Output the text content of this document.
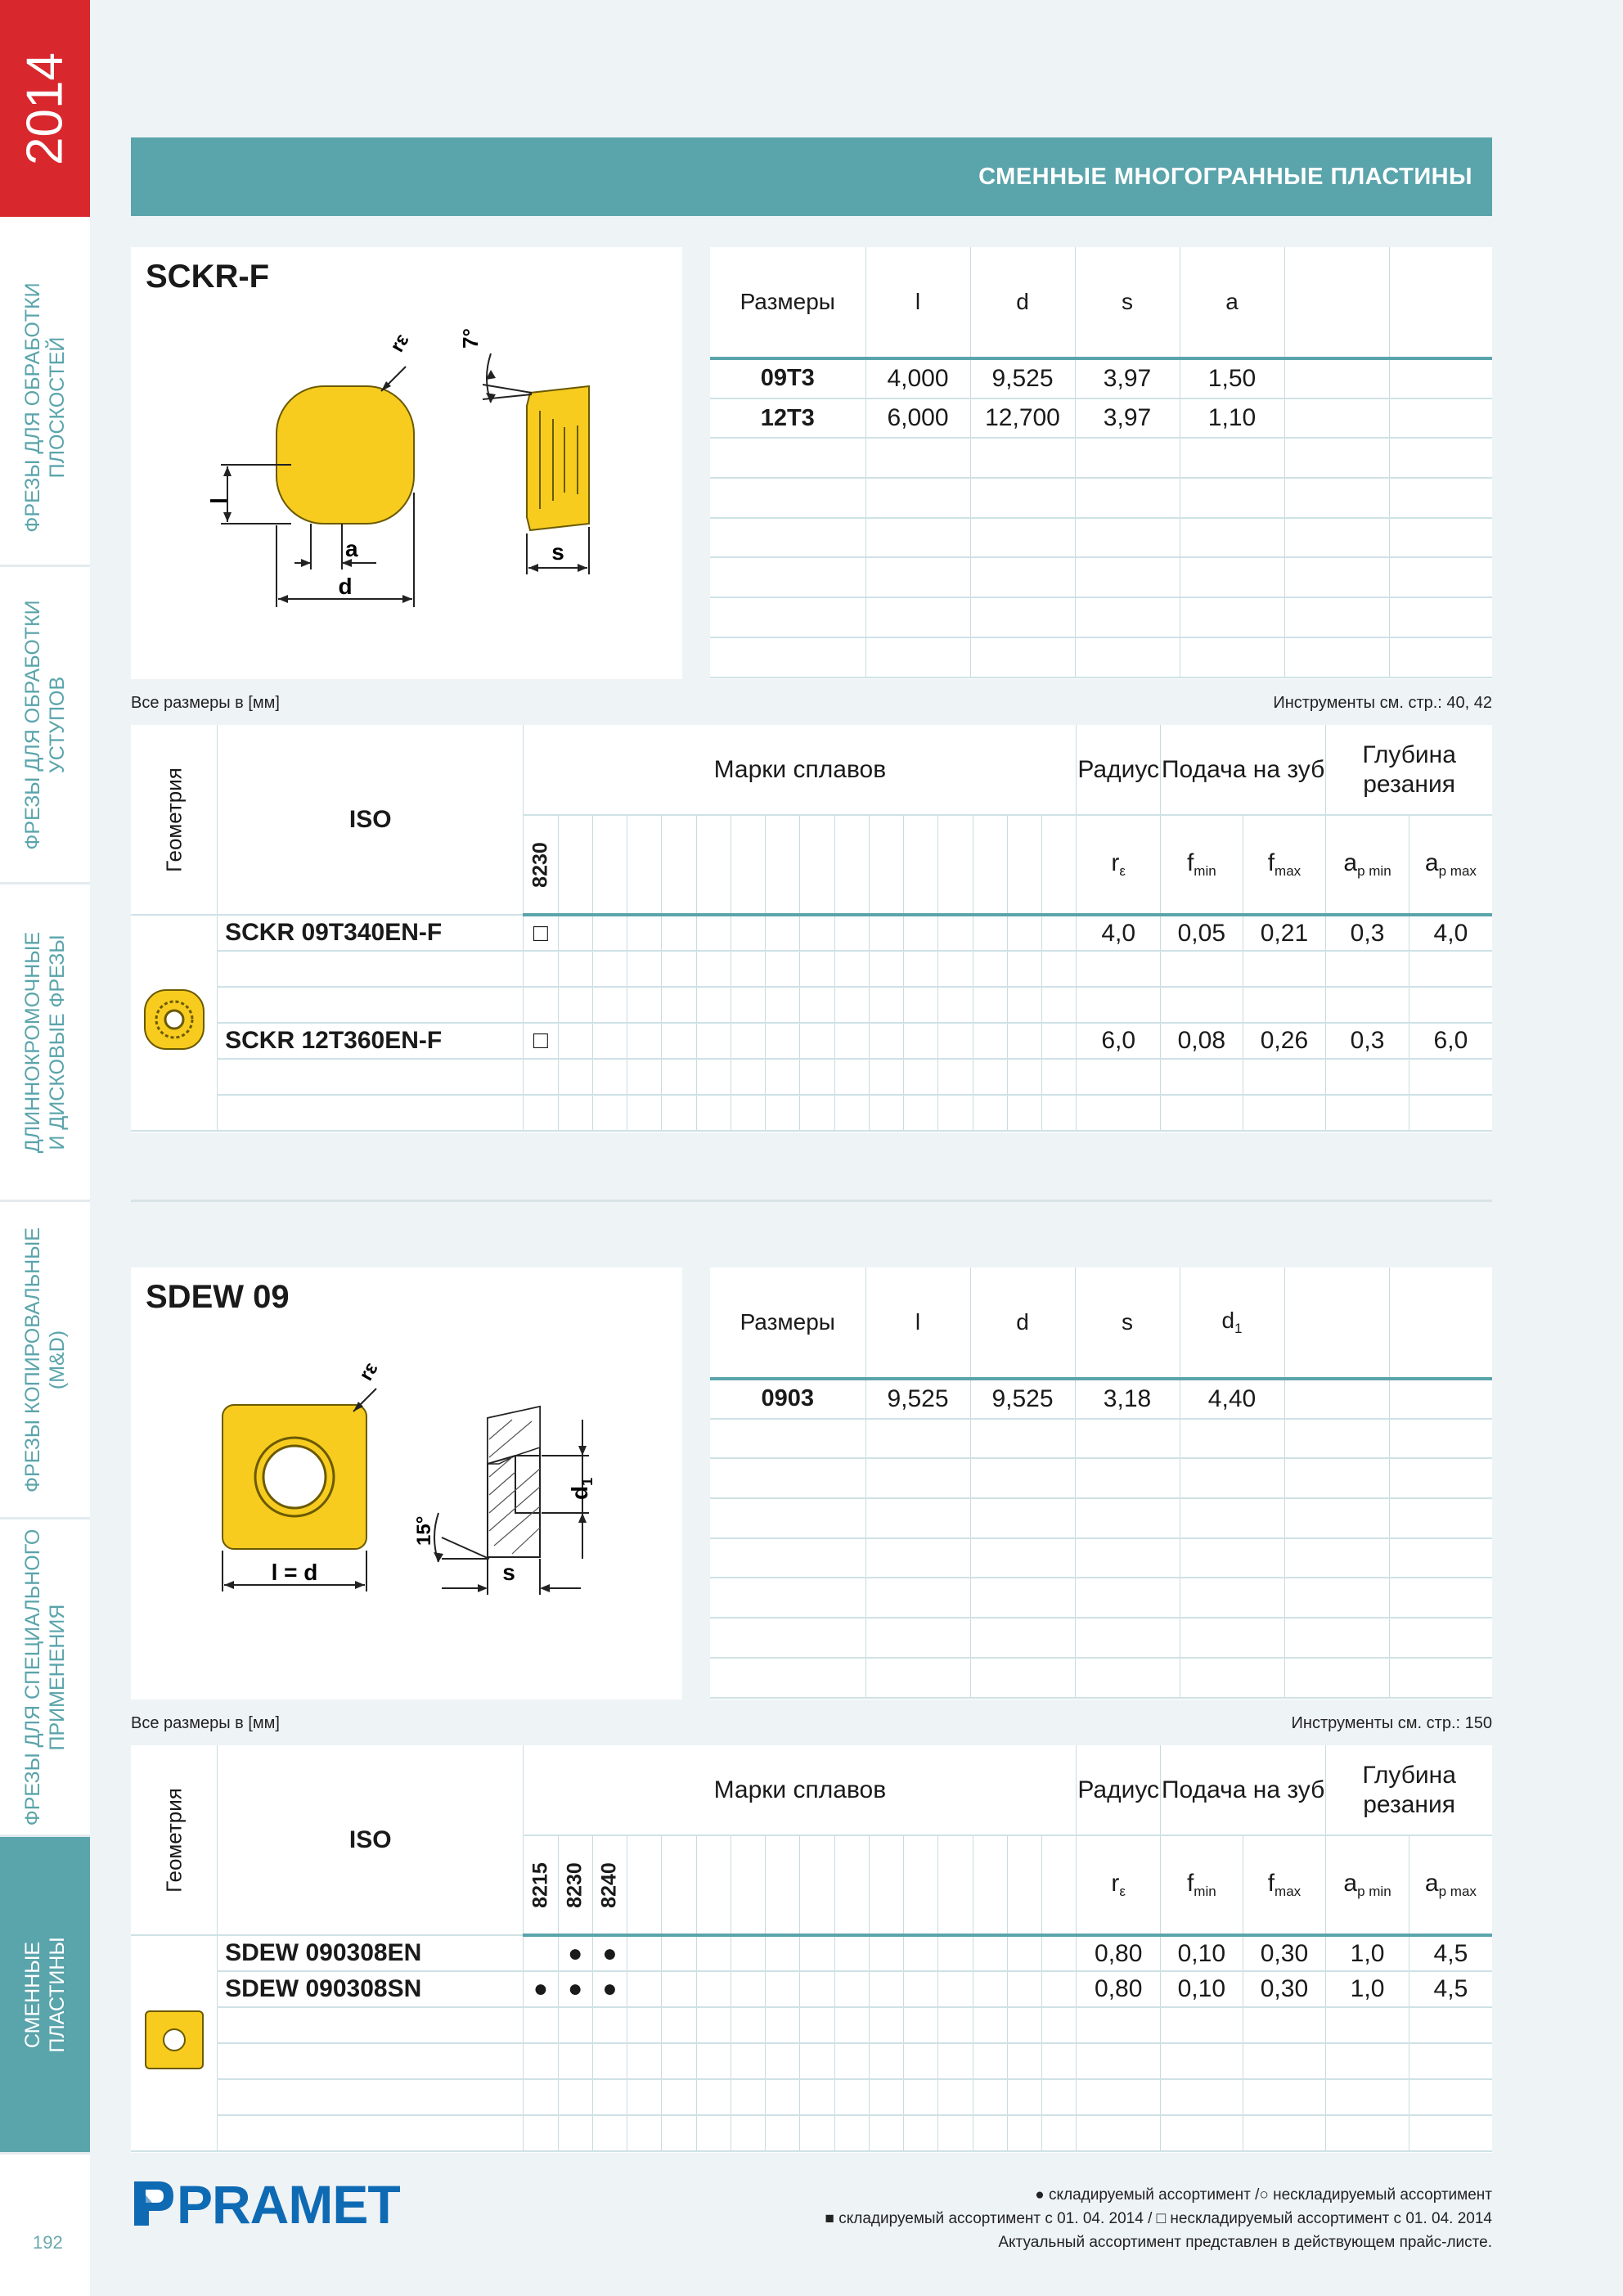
2014
ФРЕЗЫ ДЛЯ ОБРАБОТКИ ПЛОСКОСТЕЙ
ФРЕЗЫ ДЛЯ ОБРАБОТКИ УСТУПОВ
ДЛИННОКРОМОЧНЫЕ И ДИСКОВЫЕ ФРЕЗЫ
ФРЕЗЫ КОПИРОВАЛЬНЫЕ (M&D)
ФРЕЗЫ ДЛЯ СПЕЦИАЛЬНОГО ПРИМЕНЕНИЯ
СМЕННЫЕ ПЛАСТИНЫ
192
СМЕННЫЕ МНОГОГРАННЫЕ ПЛАСТИНЫ
SCKR-F
l
a
d
s
7°
rε
Размеры	l	d	s	a		
09T3	4,000	9,525	3,97	1,50		
12T3	6,000	12,700	3,97	1,10		

Все размеры в [мм]	Инструменты см. стр.: 40, 42
Геометрия	ISO	Марки сплавов																Радиус	Подача на зуб		Глубина резания	

		8230																$r_\varepsilon$	$f_{min}$	$f_{max}$	$a_{p min}$	$a_{p max}$
	SCKR 09T340EN-F	□																4,0	0,05	0,21	0,3	4,0

	SCKR 12T360EN-F	□																6,0	0,08	0,26	0,3	6,0

SDEW 09
l = d	s
$d_1$
15°
rε
Размеры	l	d	s	$d_1$		
0903	9,525	9,525	3,18	4,40		

Все размеры в [мм]	Инструменты см. стр.: 150
Геометрия	ISO	Марки сплавов																Радиус	Подача на зуб		Глубина резания	

		8215	8230	8240														$r_\varepsilon$	$f_{min}$	$f_{max}$	$a_{p min}$	$a_{p max}$
	SDEW 090308EN		●	●														0,80	0,10	0,30	1,0	4,5
	SDEW 090308SN	●	●	●														0,80	0,10	0,30	1,0	4,5

PRAMET	● складируемый ассортимент /○ нескладируемый ассортимент
■ складируемый ассортимент с 01. 04. 2014 / □ нескладируемый ассортимент с 01. 04. 2014
Актуальный ассортимент представлен в действующем прайс-листе.
